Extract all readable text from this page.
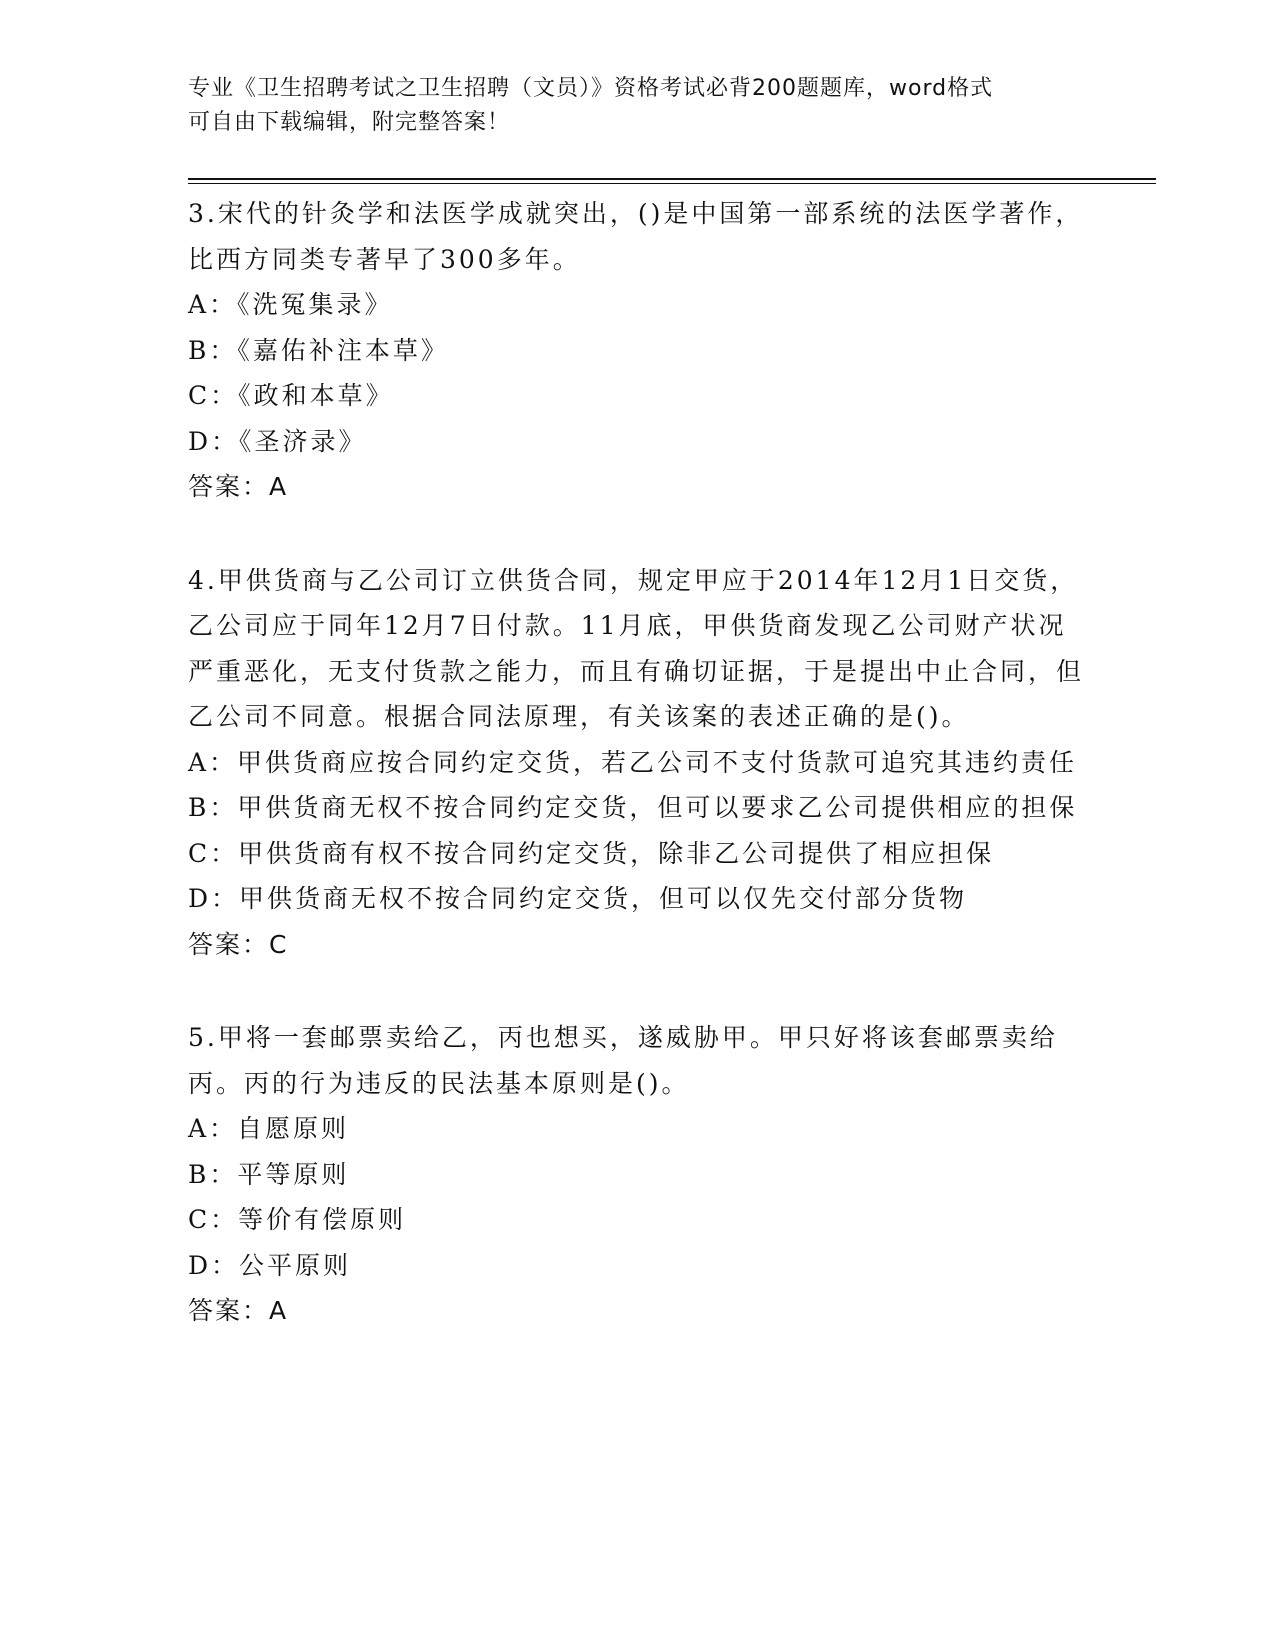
专业《卫生招聘考试之卫生招聘（文员）》资格考试必背200题题库，word格式
可自由下载编辑，附完整答案！
3.宋代的针灸学和法医学成就突出，()是中国第一部系统的法医学著作，比西方同类专著早了300多年。
A：《洗冤集录》
B：《嘉佑补注本草》
C：《政和本草》
D：《圣济录》
答案：A
4.甲供货商与乙公司订立供货合同，规定甲应于2014年12月1日交货，乙公司应于同年12月7日付款。11月底，甲供货商发现乙公司财产状况严重恶化，无支付货款之能力，而且有确切证据，于是提出中止合同，但乙公司不同意。根据合同法原理，有关该案的表述正确的是()。
A：甲供货商应按合同约定交货，若乙公司不支付货款可追究其违约责任
B：甲供货商无权不按合同约定交货，但可以要求乙公司提供相应的担保
C：甲供货商有权不按合同约定交货，除非乙公司提供了相应担保
D：甲供货商无权不按合同约定交货，但可以仅先交付部分货物
答案：C
5.甲将一套邮票卖给乙，丙也想买，遂威胁甲。甲只好将该套邮票卖给丙。丙的行为违反的民法基本原则是()。
A：自愿原则
B：平等原则
C：等价有偿原则
D：公平原则
答案：A
